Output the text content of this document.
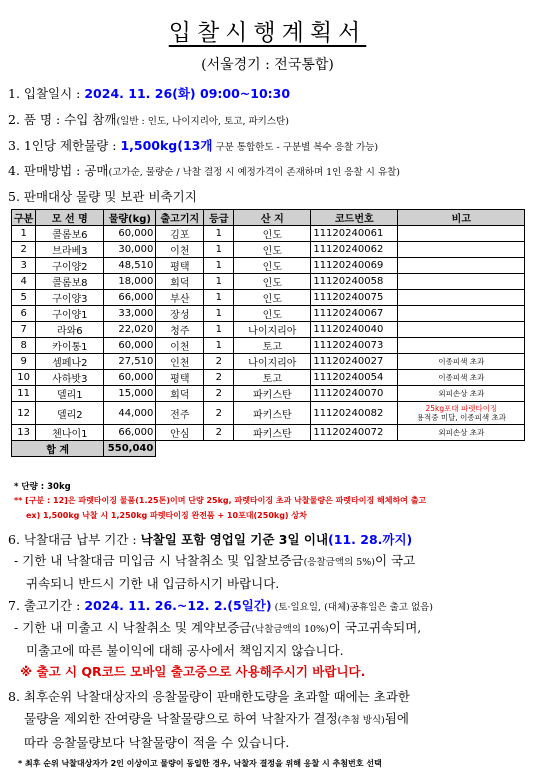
입찰시행계획서
(서울경기 : 전국통합)
1. 입찰일시 : 2024. 11. 26(화) 09:00~10:30
2. 품 명 : 수입 참깨(일반 : 인도, 나이지리아, 토고, 파키스탄)
3. 1인당 제한물량 : 1,500kg(13개 구분 통합한도 - 구분별 복수 응찰 가능)
4. 판매방법 : 공매(고가순, 물량순 / 낙찰 결정 시 예정가격이 존재하며 1인 응찰 시 유찰)
5. 판매대상 물량 및 보관 비축기지
구분	모 선 명	물량(kg)	출고기지	등급	산 지	코드번호	비고
1	콜롬보6	60,000	김포	1	인도	11120240061	

2	브라베3	30,000	이천	1	인도	11120240062	

3	구이양2	48,510	평택	1	인도	11120240069	

4	콜롬보8	18,000	회덕	1	인도	11120240058	

5	구이양3	66,000	부산	1	인도	11120240075	

6	구이양1	33,000	장성	1	인도	11120240067	

7	라와6	22,020	청주	1	나이지리아	11120240040	

8	카이통1	60,000	이천	1	토고	11120240073	

9	셈페나2	27,510	인천	2	나이지리아	11120240027	이종피색 초과

10	사하밧3	60,000	평택	2	토고	11120240054	이종피색 초과

11	델리1	15,000	회덕	2	파키스탄	11120240070	외피손상 초과

12	델리2	44,000	전주	2	파키스탄	11120240082	25kg포대 파렛타이징
용적중 미달, 이종피색 초과

13	첸나이1	66,000	안심	2	파키스탄	11120240072	외피손상 초과

합 계		550,040					
* 단량 : 30kg
** [구분 : 12]은 파렛타이징 물품(1.25톤)이며 단량 25kg, 파렛타이징 초과 낙찰물량은 파렛타이징 해체하여 출고
ex) 1,500kg 낙찰 시 1,250kg 파렛타이징 완전품 + 10포대(250kg) 상차
6. 낙찰대금 납부 기간 : 낙찰일 포함 영업일 기준 3일 이내(11. 28.까지)
- 기한 내 낙찰대금 미입금 시 낙찰취소 및 입찰보증금(응찰금액의 5%)이 국고
귀속되니 반드시 기한 내 입금하시기 바랍니다.
7. 출고기간 : 2024. 11. 26.~12. 2.(5일간) (토·일요일, (대체)공휴일은 출고 없음)
- 기한 내 미출고 시 낙찰취소 및 계약보증금(낙찰금액의 10%)이 국고귀속되며,
미출고에 따른 불이익에 대해 공사에서 책임지지 않습니다.
※ 출고 시 QR코드 모바일 출고증으로 사용해주시기 바랍니다.
8. 최후순위 낙찰대상자의 응찰물량이 판매한도량을 초과할 때에는 초과한
물량을 제외한 잔여량을 낙찰물량으로 하여 낙찰자가 결정(추첨 방식)됨에
따라 응찰물량보다 낙찰물량이 적을 수 있습니다.
* 최후 순위 낙찰대상자가 2인 이상이고 물량이 동일한 경우, 낙찰자 결정을 위해 응찰 시 추첨번호 선택
